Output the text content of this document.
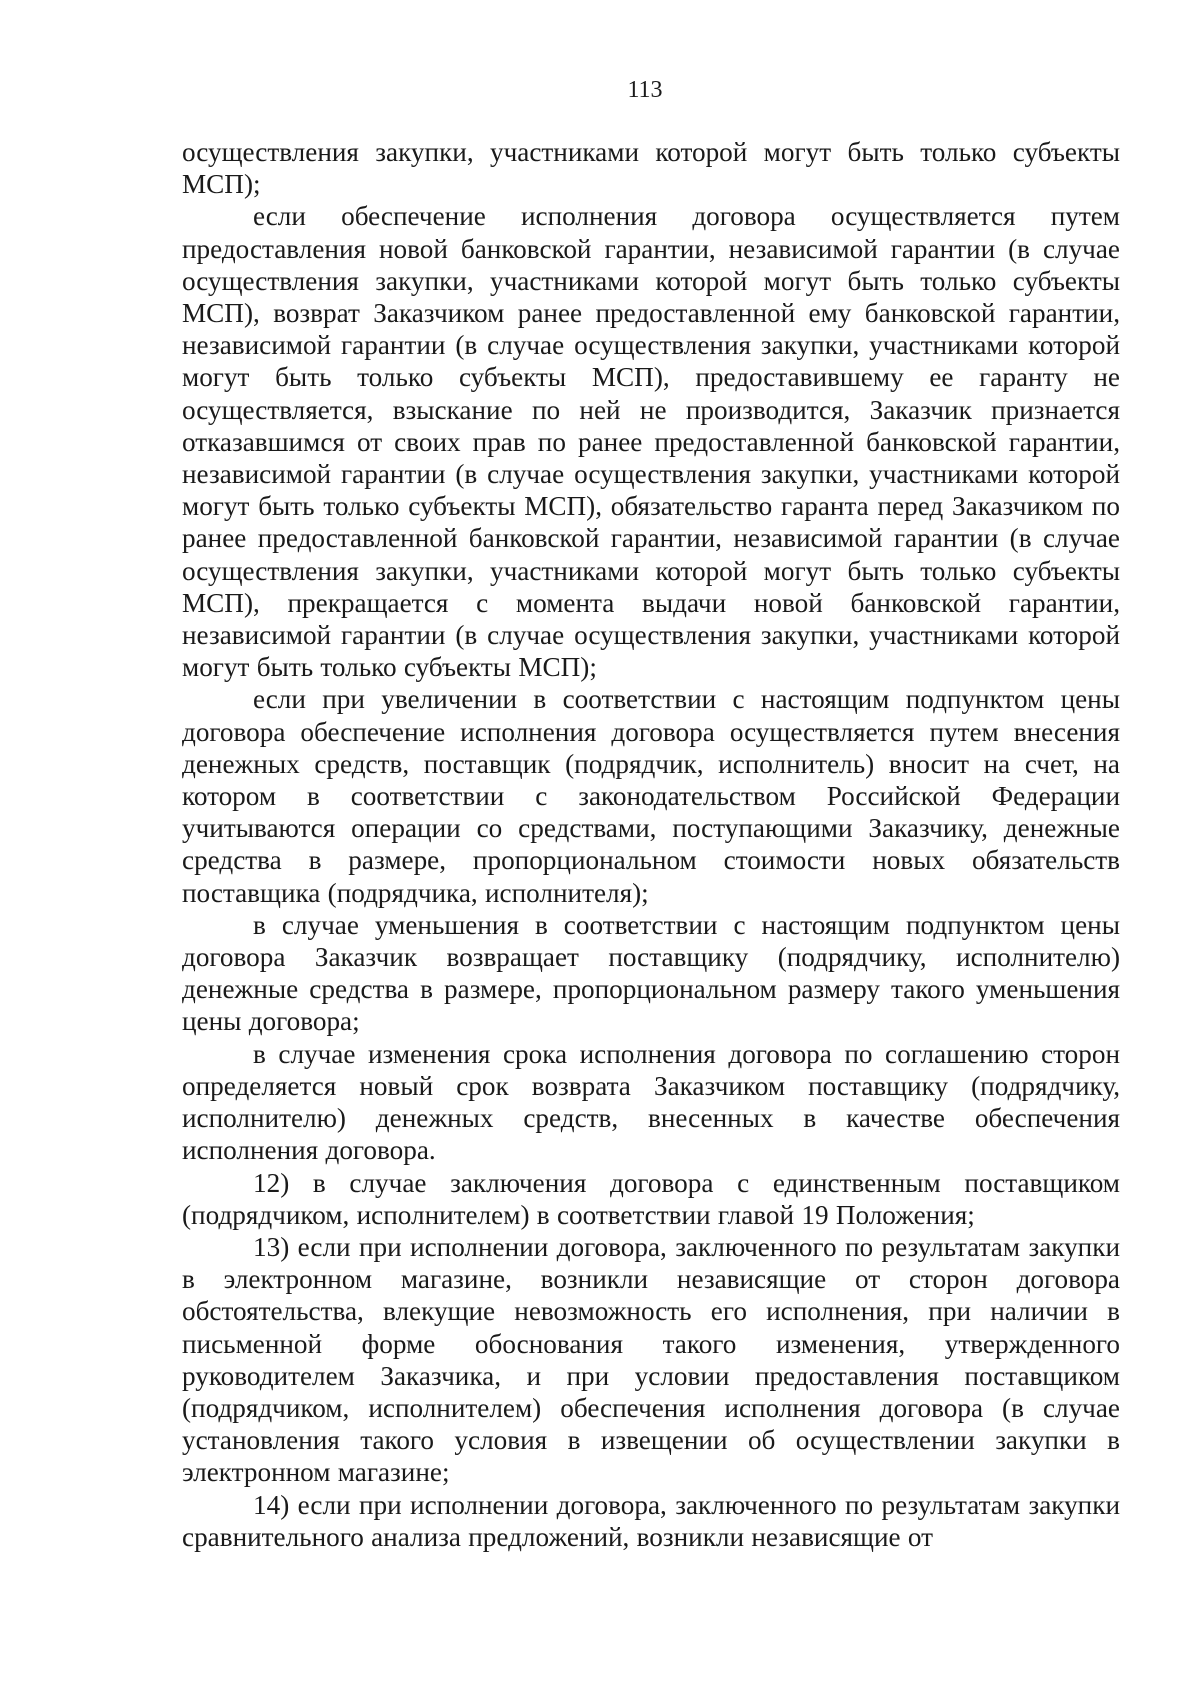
113

осуществления закупки, участниками которой могут быть только субъекты МСП);

если обеспечение исполнения договора осуществляется путем предоставления новой банковской гарантии, независимой гарантии (в случае осуществления закупки, участниками которой могут быть только субъекты МСП), возврат Заказчиком ранее предоставленной ему банковской гарантии, независимой гарантии (в случае осуществления закупки, участниками которой могут быть только субъекты МСП), предоставившему ее гаранту не осуществляется, взыскание по ней не производится, Заказчик признается отказавшимся от своих прав по ранее предоставленной банковской гарантии, независимой гарантии (в случае осуществления закупки, участниками которой могут быть только субъекты МСП), обязательство гаранта перед Заказчиком по ранее предоставленной банковской гарантии, независимой гарантии (в случае осуществления закупки, участниками которой могут быть только субъекты МСП), прекращается с момента выдачи новой банковской гарантии, независимой гарантии (в случае осуществления закупки, участниками которой могут быть только субъекты МСП);

если при увеличении в соответствии с настоящим подпунктом цены договора обеспечение исполнения договора осуществляется путем внесения денежных средств, поставщик (подрядчик, исполнитель) вносит на счет, на котором в соответствии с законодательством Российской Федерации учитываются операции со средствами, поступающими Заказчику, денежные средства в размере, пропорциональном стоимости новых обязательств поставщика (подрядчика, исполнителя);

в случае уменьшения в соответствии с настоящим подпунктом цены договора Заказчик возвращает поставщику (подрядчику, исполнителю) денежные средства в размере, пропорциональном размеру такого уменьшения цены договора;

в случае изменения срока исполнения договора по соглашению сторон определяется новый срок возврата Заказчиком поставщику (подрядчику, исполнителю) денежных средств, внесенных в качестве обеспечения исполнения договора.

12) в случае заключения договора с единственным поставщиком (подрядчиком, исполнителем) в соответствии главой 19 Положения;

13) если при исполнении договора, заключенного по результатам закупки в электронном магазине, возникли независящие от сторон договора обстоятельства, влекущие невозможность его исполнения, при наличии в письменной форме обоснования такого изменения, утвержденного руководителем Заказчика, и при условии предоставления поставщиком (подрядчиком, исполнителем) обеспечения исполнения договора (в случае установления такого условия в извещении об осуществлении закупки в электронном магазине;

14) если при исполнении договора, заключенного по результатам закупки сравнительного анализа предложений, возникли независящие от
